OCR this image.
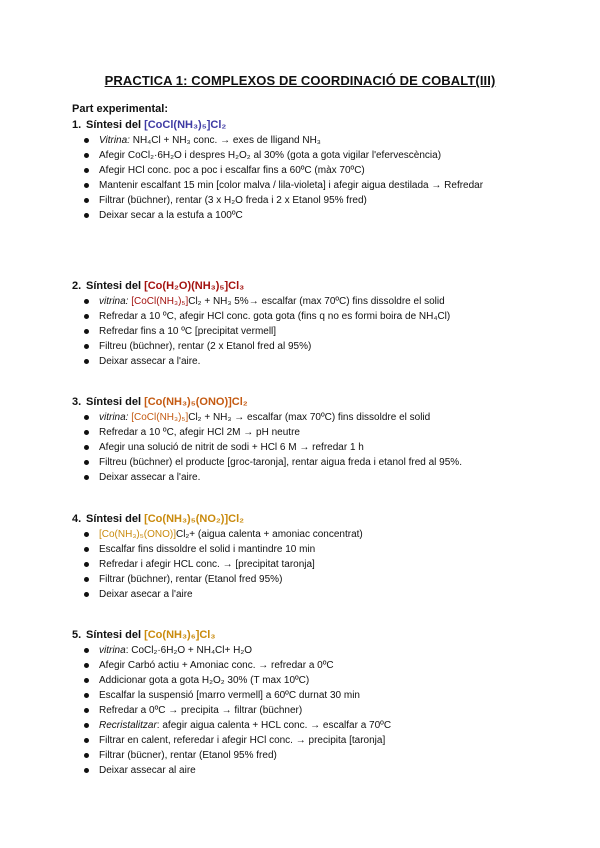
PRACTICA 1: COMPLEXOS DE COORDINACIÓ DE COBALT(III)
Part experimental:
1. Síntesi del [CoCl(NH₃)₅]Cl₂
Vitrina: NH₄Cl + NH₃ conc. → exes de lligand NH₃
Afegir CoCl₂·6H₂O i despres H₂O₂ al 30% (gota a gota vigilar l'efervescència)
Afegir HCl conc. poc a poc i escalfar fins a 60ºC (màx 70ºC)
Mantenir escalfant 15 min [color malva / lila-violeta] i afegir aigua destilada → Refredar
Filtrar (büchner), rentar (3 x H₂O freda i 2 x Etanol 95% fred)
Deixar secar a la estufa a 100ºC
2. Síntesi del [Co(H₂O)(NH₃)₅]Cl₃
vitrina: [CoCl(NH₃)₅]Cl₂ + NH₃ 5%→ escalfar (max 70ºC) fins dissoldre el solid
Refredar a 10 ºC, afegir HCl conc. gota gota (fins q no es formi boira de NH₄Cl)
Refredar fins a 10 ºC [precipitat vermell]
Filtreu (büchner), rentar (2 x Etanol fred al 95%)
Deixar assecar a l'aire.
3. Síntesi del [Co(NH₃)₅(ONO)]Cl₂
vitrina: [CoCl(NH₃)₅]Cl₂ + NH₃ → escalfar (max 70ºC) fins dissoldre el solid
Refredar a 10 ºC, afegir HCl 2M → pH neutre
Afegir una solució de nitrit de sodi + HCl 6 M → refredar 1 h
Filtreu (büchner) el producte [groc-taronja], rentar aigua freda i etanol fred al 95%.
Deixar assecar a l'aire.
4. Síntesi del [Co(NH₃)₅(NO₂)]Cl₂
[Co(NH₃)₅(ONO)]Cl₂+ (aigua calenta + amoniac concentrat)
Escalfar fins dissoldre el solid i mantindre 10 min
Refredar i afegir HCL conc. → [precipitat taronja]
Filtrar (büchner), rentar (Etanol fred 95%)
Deixar asecar a l'aire
5. Síntesi del [Co(NH₃)₆]Cl₃
vitrina: CoCl₂·6H₂O + NH₄Cl+ H₂O
Afegir Carbó actiu + Amoniac conc. → refredar a 0ºC
Addicionar gota a gota H₂O₂ 30% (T max 10ºC)
Escalfar la suspensió [marro vermell] a 60ºC durnat 30 min
Refredar a 0ºC → precipita → filtrar (büchner)
Recristalitzar: afegir aigua calenta + HCL conc. → escalfar a 70ºC
Filtrar en calent, referedar i afegir HCl conc. → precipita [taronja]
Filtrar (bücner), rentar (Etanol 95% fred)
Deixar assecar al aire
